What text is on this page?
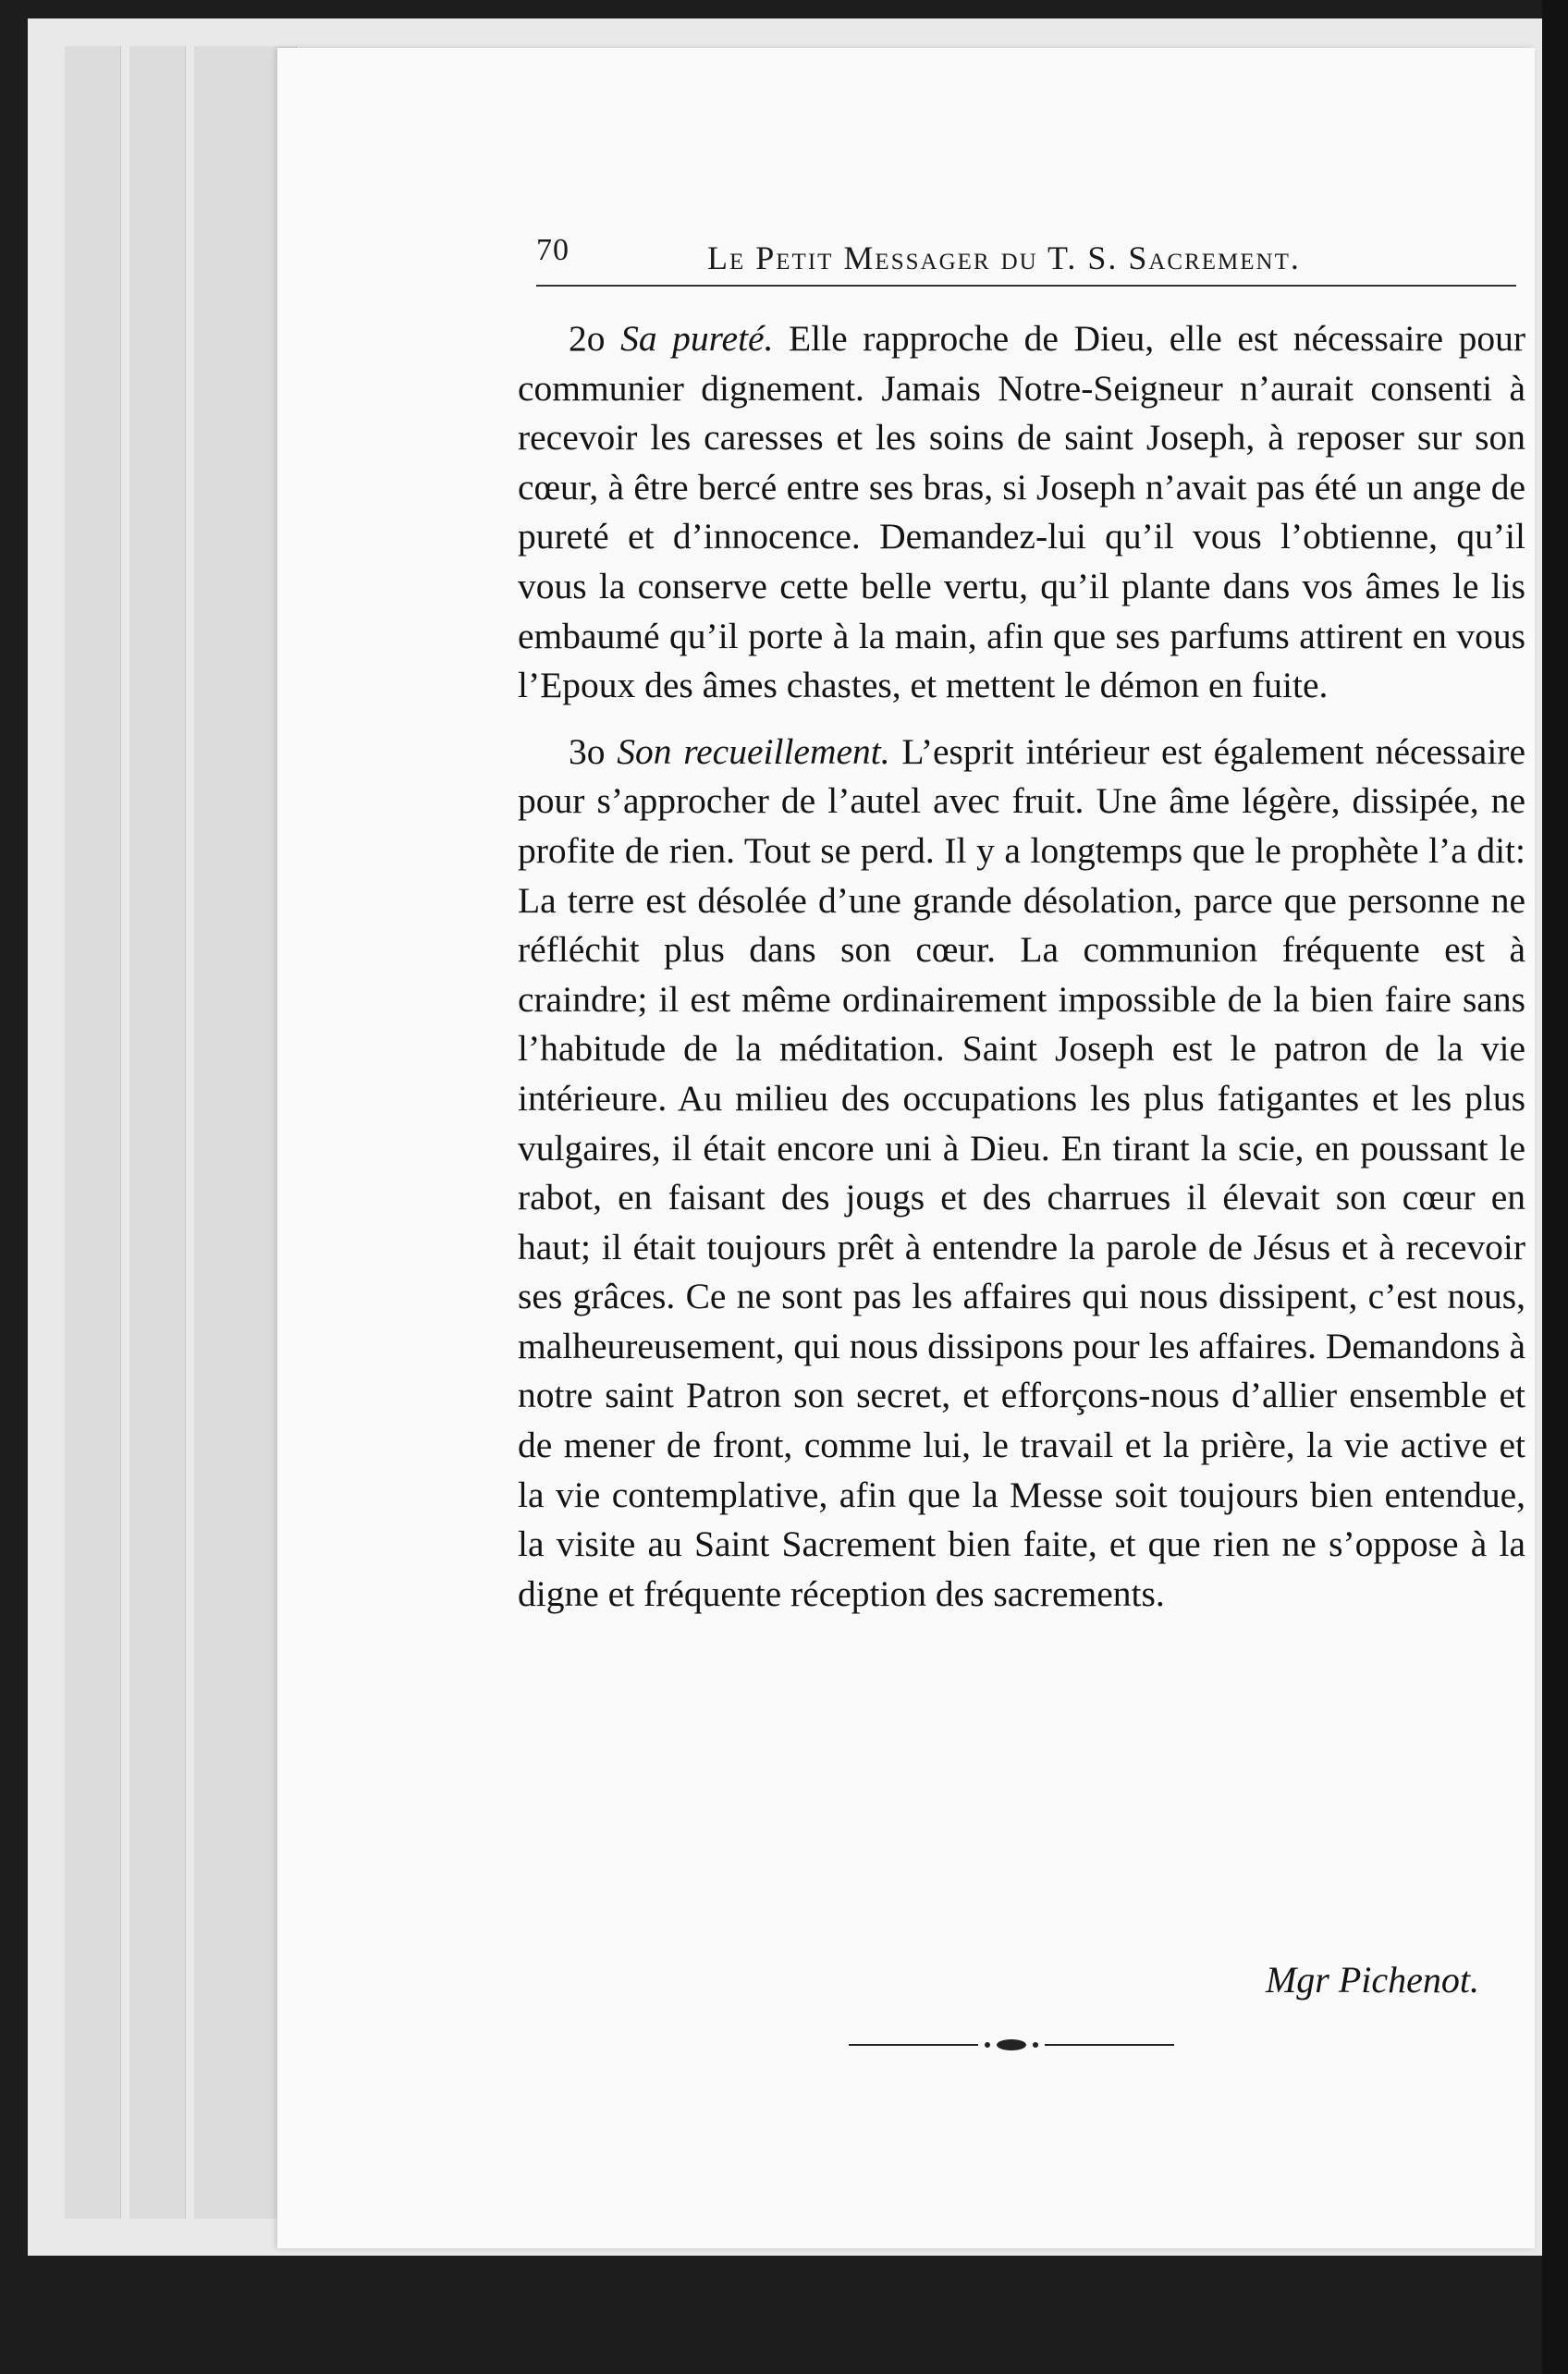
70	Le Petit Messager du T. S. Sacrement.

2o Sa pureté. Elle rapproche de Dieu, elle est nécessaire pour communier dignement. Jamais Notre-Seigneur n’aurait consenti à recevoir les caresses et les soins de saint Joseph, à reposer sur son cœur, à être bercé entre ses bras, si Joseph n’avait pas été un ange de pureté et d’innocence. Demandez-lui qu’il vous l’obtienne, qu’il vous la conserve cette belle vertu, qu’il plante dans vos âmes le lis embaumé qu’il porte à la main, afin que ses parfums attirent en vous l’Epoux des âmes chastes, et mettent le démon en fuite.

3o Son recueillement. L’esprit intérieur est également nécessaire pour s’approcher de l’autel avec fruit. Une âme légère, dissipée, ne profite de rien. Tout se perd. Il y a longtemps que le prophète l’a dit: La terre est désolée d’une grande désolation, parce que personne ne réfléchit plus dans son cœur. La communion fréquente est à craindre; il est même ordinairement impossible de la bien faire sans l’habitude de la méditation. Saint Joseph est le patron de la vie intérieure. Au milieu des occupations les plus fatigantes et les plus vulgaires, il était encore uni à Dieu. En tirant la scie, en poussant le rabot, en faisant des jougs et des charrues il élevait son cœur en haut; il était toujours prêt à entendre la parole de Jésus et à recevoir ses grâces. Ce ne sont pas les affaires qui nous dissipent, c’est nous, malheureusement, qui nous dissipons pour les affaires. Demandons à notre saint Patron son secret, et efforçons-nous d’allier ensemble et de mener de front, comme lui, le travail et la prière, la vie active et la vie contemplative, afin que la Messe soit toujours bien entendue, la visite au Saint Sacrement bien faite, et que rien ne s’oppose à la digne et fréquente réception des sacrements.

Mgr Pichenot.
